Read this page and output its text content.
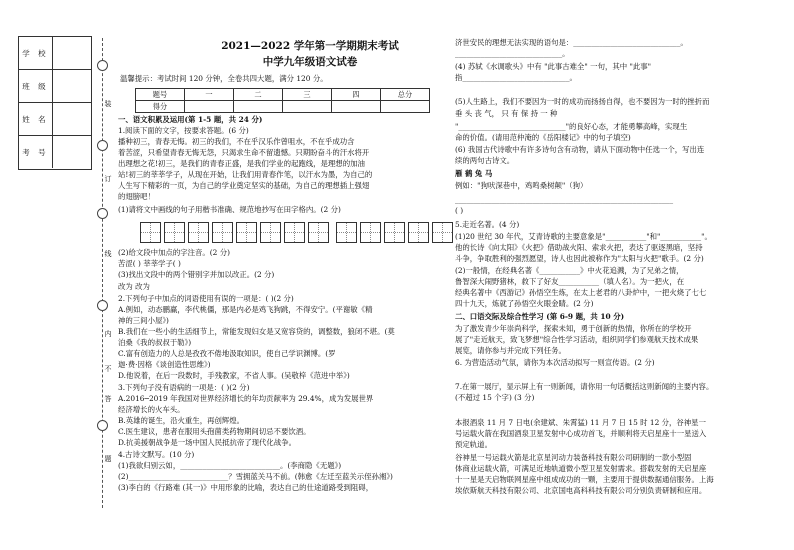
学 校
班 级
姓 名
考 号
装
订
线
内
不
答
题
2021—2022 学年第一学期期末考试
中学九年级语文试卷
温馨提示：考试时间 120 分钟，全卷共四大题，满分 120 分。
题号	一	二	三	四	总分
得分					
一、语文积累及运用(第 1-5 题，共 24 分)
1.阅读下面的文字，按要求答题。(6 分)
播种初三，青春无悔。初三的我们，不在乎汉乐作曾咀水，不在乎成功含
着苦涩，只希望青春无悔无怨，只渴求生命不留遗憾。只期盼奋斗的汗水将开
出理想之花!初三，是我们的青春正盛，是我们学业的起跑线，是理想的加油
站!初三的莘莘学子，从现在开始，让我们用青春作笔，以汗水为墨，为自己的
人生写下精彩的一页，为自己的学业奠定坚实的基础，为自己的理想插上强翅
的翅膀吧！
(1)请将文中画线的句子用楷书准确、规范地抄写在田字格内。(2 分)
(2)给文段中加点的字注音。(2 分)
苦涩( ) 莘莘学子( )
(3)找出文段中的两个错别字并加以改正。(2 分)
改为 改为
2.下列句子中加点的词语使用有误的一项是：( )(2 分)
A.例如，动态鹏赢，李代桃僵，那是内必是鸡飞狗跳，不得安宁。(平谢敏《精
神的三间小屋》)
B.我们在一些小的生活细节上，常能发现妇女是又宽容贷的，调整数，狼闭不堪。(莫
泊桑《我的叔叔于勒》)
C.富有创造力的人总是孜孜不倦地汲取知识，使自己学识渊博。(罗
迦·费·因格《谈创造性思维》)
D.他说着，在后一段数时，手残教家，不省人事。(吴敬梓《范进中举》)
3.下列句子没有语病的一项是：( )(2 分)
A.2016─2019 年我国对世界经济增长的年均贡献率为 29.4%，成为发展世界
经济增长的火车头。
B.英雄的诞生，沿火重生，再创辉煌。
C.医生建议，患者在服用头孢菌类药物期间切忌不要饮酒。
D.抗美援朝战争是一场中国人民抵抗帝了现代化战争。
4.古诗文默写。(10 分)
(1)我欲归别云如，___________________________。(李商隐《无题》)
(2)___________________________？雪拥蓝关马不前。(韩愈《左迁至蓝关示侄孙湘》)
(3)李白的《行路难 (其一)》中用形象的比喻，表达自己的仕途道路受到阻碍，
济世安民的理想无法实现的语句是：_____________________________。
_____________________________。
(4) 苏轼《水调歌头》中有 "此事古难全" 一句，其中 "此事"
指_____________________________。
(5)人生路上，我们不要因为一时的成功而扬扬自得，也不要因为一时的挫折而
垂 头 丧 气， 只 有 保 持 一 种
"_____________________________"的良好心态，才能勇攀高峰，实现生
命的价值。(请用范仲淹的《岳阳楼记》中的句子填空)
(6) 我国古代诗歌中有许多诗句含有动物，请从下面动物中任选一个，写出连
续的两句古诗文。
雁 鹤 兔 马
例如："狗吠深巷中，鸡鸣桑树颠"（狗）
___________________________________________________________
( )
5.走近名著。(4 分)
(1)20 世纪 30 年代，艾青诗歌的主要意象是"___________"和"___________"。
他的长诗《向太阳》《火把》借助战火阳、索求火把，表达了驱逐黑暗，坚持
斗争，争取胜利的强烈愿望，诗人也因此被称作为"太阳与火把"歌手。(2 分)
(2)一般情，在经典名著《___________》中火花追溅，为了兄弟之情，
鲁智深大闹野猪林，救下了好友___________（填人名）。为一把火，在
经典名著中《西游记》孙悟空生炼，在太上老君的八卦炉中，一把火烧了七七
四十九天，炼就了孙悟空火眼金睛。(2 分)
二、口语交际及综合性学习 (第 6-9 题，共 10 分)
为了激发青少年崇尚科学，探索未知，勇于创新的热情，你所在的学校开
展了"走近航天，致飞梦想"综合性学习活动，组织同学们参观航天技术成果
展览，请你参与并完成下列任务。
6. 为营造活动气氛，请你为本次活动拟写一则宣传语。(2 分)
7.在第一展厅，显示屏上有一则新闻，请你用一句话概括这则新闻的主要内容。
(不超过 15 个字) (3 分)
本报酒泉 11 月 7 日电(余建斌、朱霄猛) 11 月 7 日 15 时 12 分，谷神星一
号运载火箭在我国酒泉卫星发射中心成功首飞，并顺利将天启星座十一星送入
预定轨道。
谷神星一号运载火箭是北京星河动力装备科技有限公司研制的一款小型固
体商业运载火箭，可满足近地轨道微小型卫星发射需求。搭载发射的天启星座
十一星是天启物联网星座中组成成功的一颗，主要用于提供数据通信服务。上海
埃依斯航天科技有限公司、北京国电高科科技有限公司分别负责研制和应用。
